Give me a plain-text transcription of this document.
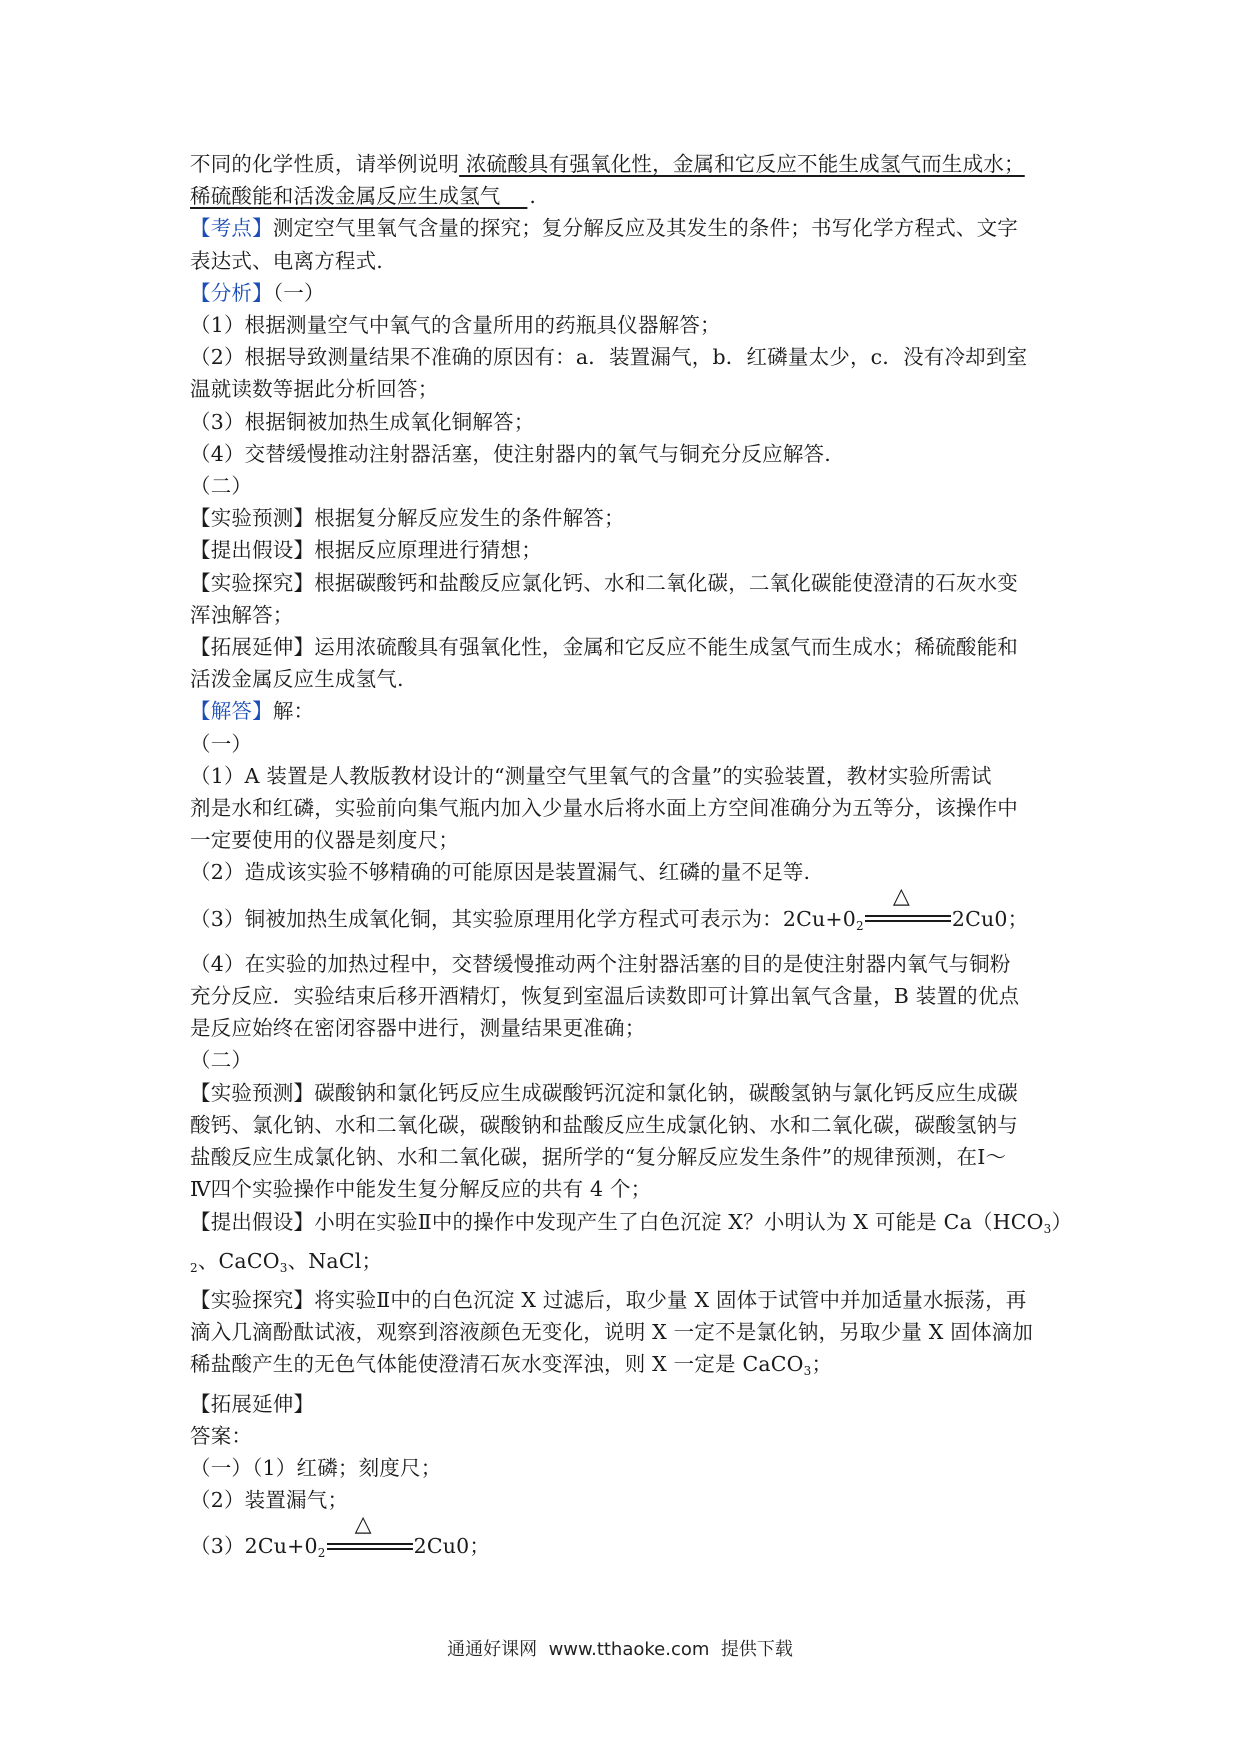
不同的化学性质，请举例说明 浓硫酸具有强氧化性，金属和它反应不能生成氢气而生成水；
稀硫酸能和活泼金属反应生成氢气    .
【考点】测定空气里氧气含量的探究；复分解反应及其发生的条件；书写化学方程式、文字
表达式、电离方程式.
【分析】（一）
（1）根据测量空气中氧气的含量所用的药瓶具仪器解答；
（2）根据导致测量结果不准确的原因有：a．装置漏气，b．红磷量太少，c．没有冷却到室
温就读数等据此分析回答；
（3）根据铜被加热生成氧化铜解答；
（4）交替缓慢推动注射器活塞，使注射器内的氧气与铜充分反应解答.
（二）
【实验预测】根据复分解反应发生的条件解答；
【提出假设】根据反应原理进行猜想；
【实验探究】根据碳酸钙和盐酸反应氯化钙、水和二氧化碳，二氧化碳能使澄清的石灰水变
浑浊解答；
【拓展延伸】运用浓硫酸具有强氧化性，金属和它反应不能生成氢气而生成水；稀硫酸能和
活泼金属反应生成氢气.
【解答】解：
（一）
（1）A 装置是人教版教材设计的“测量空气里氧气的含量”的实验装置，教材实验所需试
剂是水和红磷，实验前向集气瓶内加入少量水后将水面上方空间准确分为五等分，该操作中
一定要使用的仪器是刻度尺；
（2）造成该实验不够精确的可能原因是装置漏气、红磷的量不足等.
（3）铜被加热生成氧化铜，其实验原理用化学方程式可表示为：$2Cu+0_2$
△
2Cu0；
（4）在实验的加热过程中，交替缓慢推动两个注射器活塞的目的是使注射器内氧气与铜粉
充分反应．实验结束后移开酒精灯，恢复到室温后读数即可计算出氧气含量，B 装置的优点
是反应始终在密闭容器中进行，测量结果更准确；
（二）
【实验预测】碳酸钠和氯化钙反应生成碳酸钙沉淀和氯化钠，碳酸氢钠与氯化钙反应生成碳
酸钙、氯化钠、水和二氧化碳，碳酸钠和盐酸反应生成氯化钠、水和二氧化碳，碳酸氢钠与
盐酸反应生成氯化钠、水和二氧化碳，据所学的“复分解反应发生条件”的规律预测，在Ⅰ～
Ⅳ四个实验操作中能发生复分解反应的共有 4 个；
【提出假设】小明在实验Ⅱ中的操作中发现产生了白色沉淀 X？小明认为 X 可能是 $Ca(HCO_3)$
$_2$、CaCO$_3$、NaCl；
【实验探究】将实验Ⅱ中的白色沉淀 X 过滤后，取少量 X 固体于试管中并加适量水振荡，再
滴入几滴酚酞试液，观察到溶液颜色无变化，说明 X 一定不是氯化钠，另取少量 X 固体滴加
稀盐酸产生的无色气体能使澄清石灰水变浑浊，则 X 一定是 CaCO$_3$；
【拓展延伸】
答案：
（一）（1）红磷；刻度尺；
（2）装置漏气；
$(3)2Cu+0_2$
△
2Cu0；
通通好课网  www.tthaoke.com  提供下载
